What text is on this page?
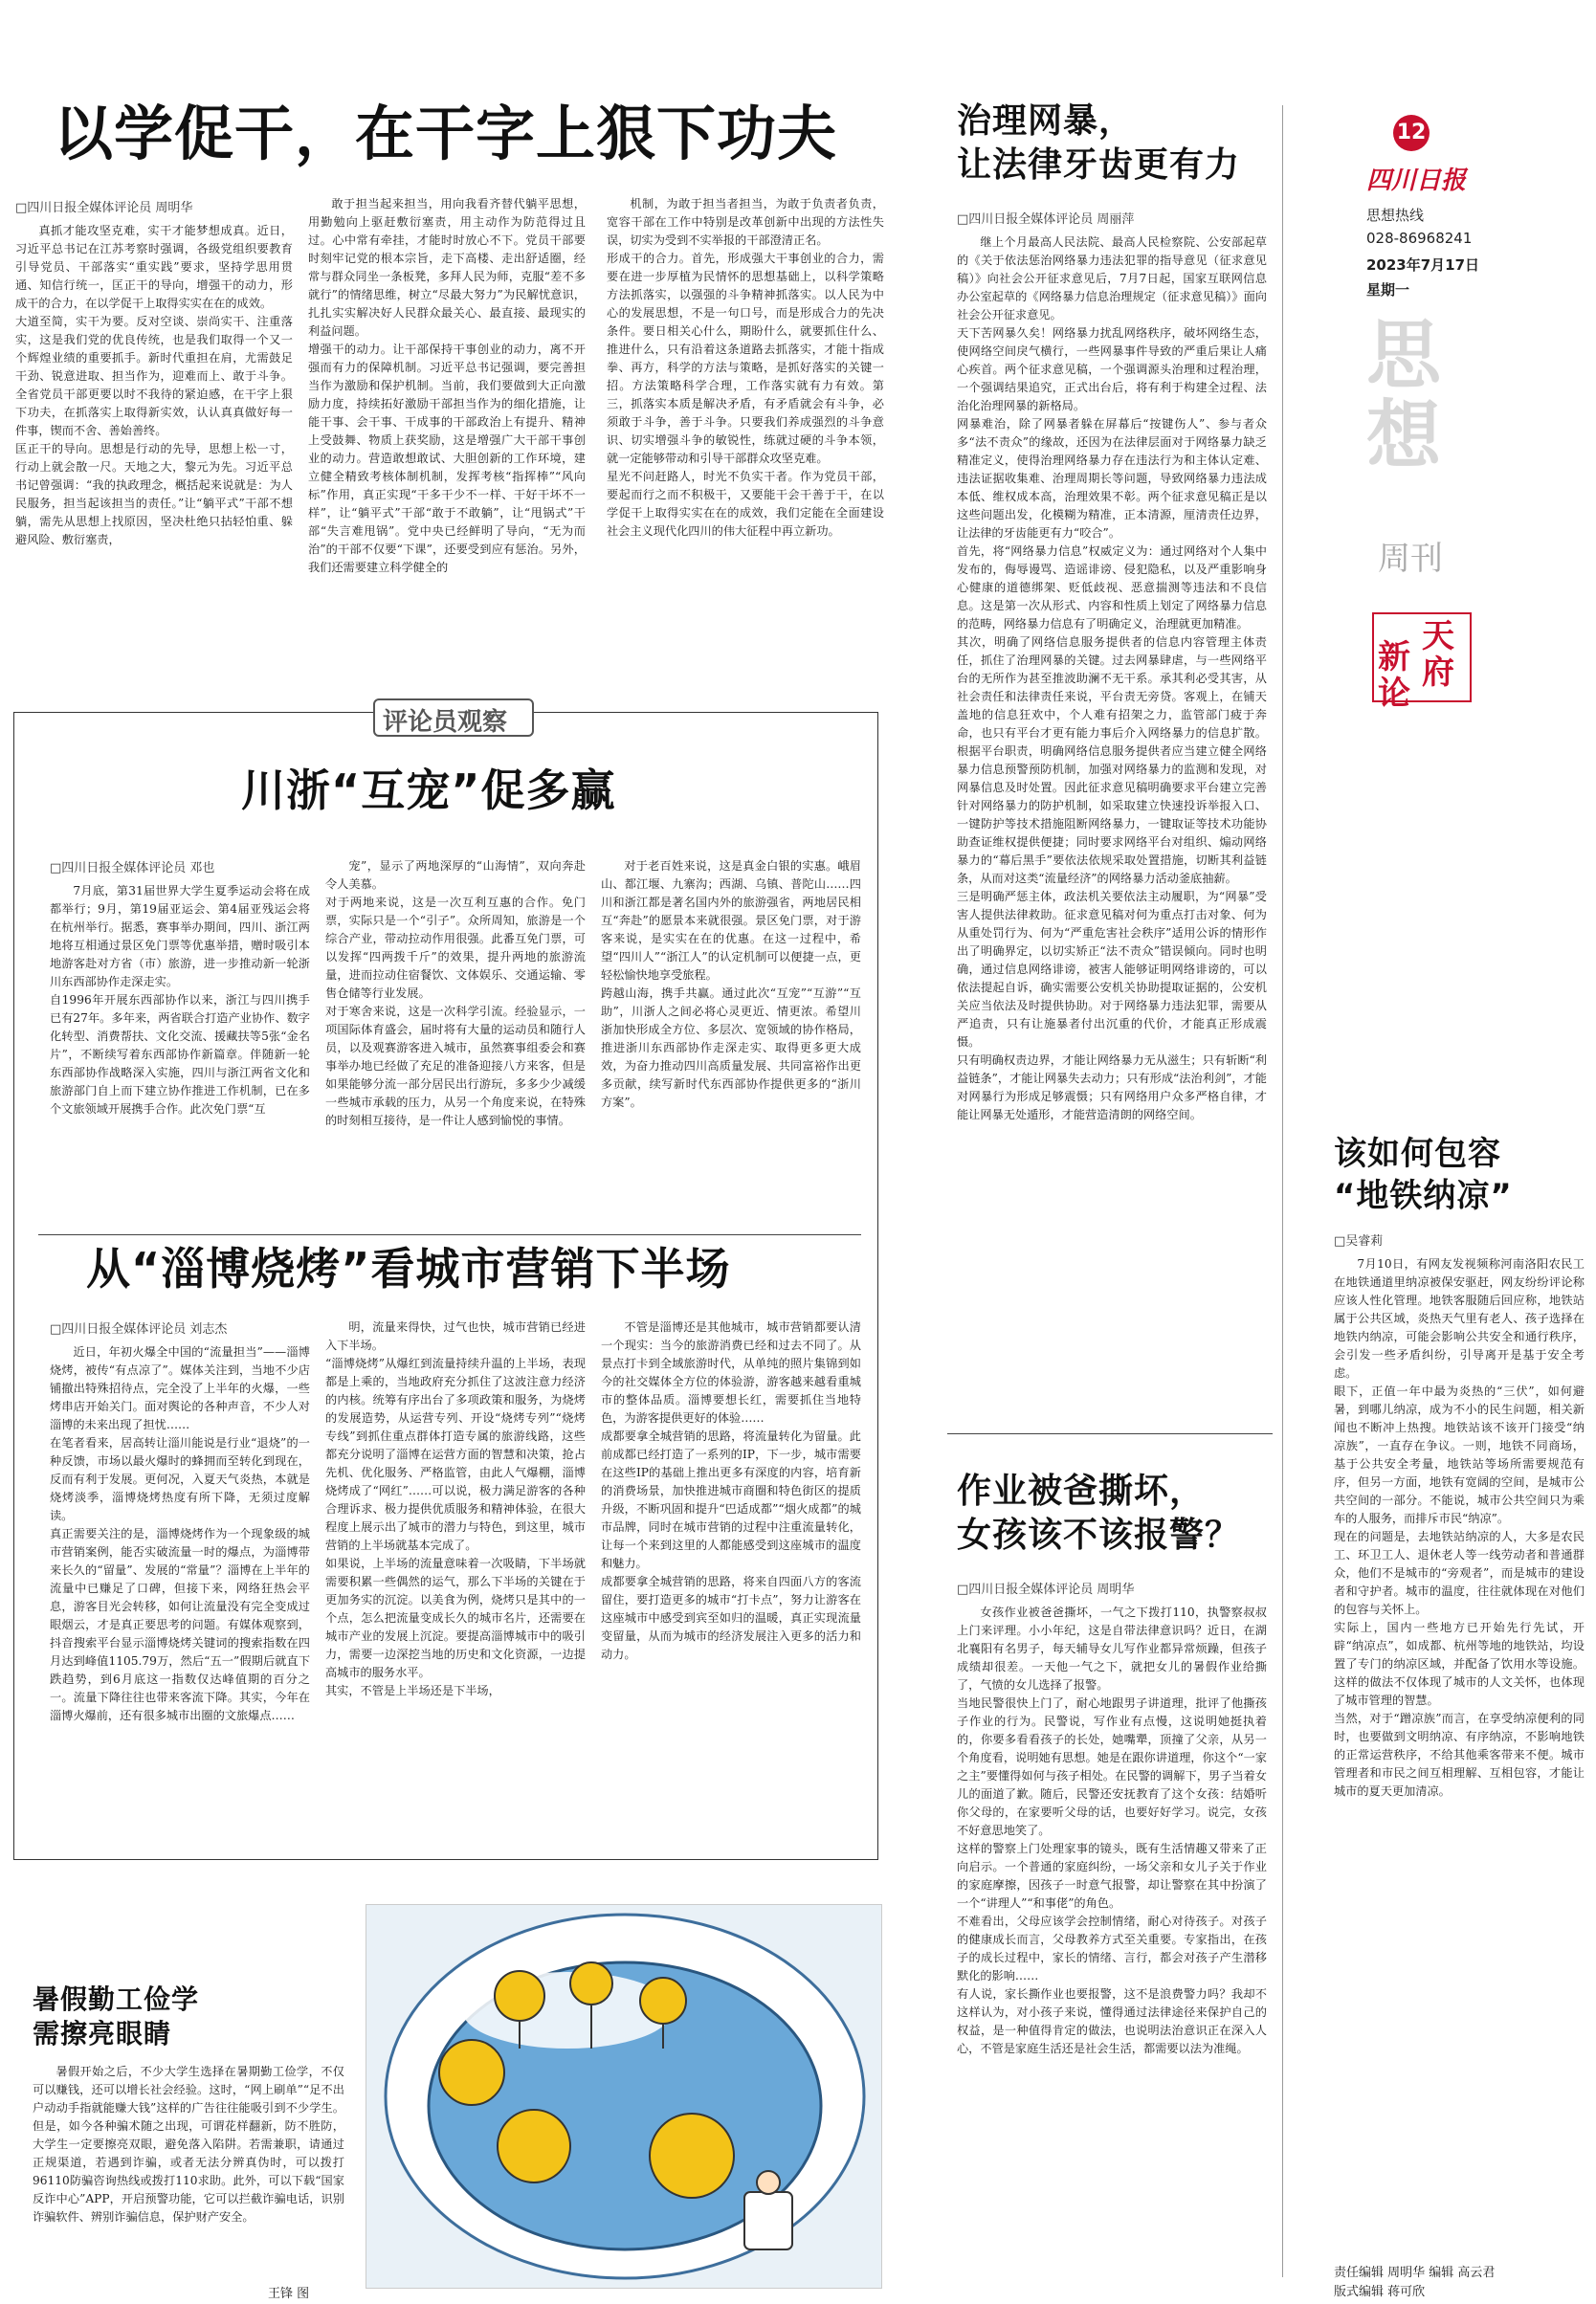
12
四川日报
思想热线
028-86968241
2023年7月17日
星期一
思想
周刊
新论
天府
以学促干，在干字上狠下功夫
□四川日报全媒体评论员 周明华

真抓才能攻坚克难，实干才能梦想成真。近日，习近平总书记在江苏考察时强调，各级党组织要教育引导党员、干部落实“重实践”要求，坚持学思用贯通、知信行统一，匡正干的导向，增强干的动力，形成干的合力，在以学促干上取得实实在在的成效。
大道至简，实干为要。反对空谈、崇尚实干、注重落实，这是我们党的优良传统，也是我们取得一个又一个辉煌业绩的重要抓手。新时代重担在肩，尤需鼓足干劲、锐意进取、担当作为，迎难而上、敢于斗争。全省党员干部更要以时不我待的紧迫感，在干字上狠下功夫，在抓落实上取得新实效，认认真真做好每一件事，锲而不舍、善始善终。
匡正干的导向。思想是行动的先导，思想上松一寸，行动上就会散一尺。天地之大，黎元为先。习近平总书记曾强调：“我的执政理念，概括起来说就是：为人民服务，担当起该担当的责任。”让“躺平式”干部不想躺，需先从思想上找原因，坚决杜绝只拈轻怕重、躲避风险、敷衍塞责，

敢于担当起来担当，用向我看齐替代躺平思想，用勤勉向上驱赶敷衍塞责，用主动作为防范得过且过。心中常有牵挂，才能时时放心不下。党员干部要时刻牢记党的根本宗旨，走下高楼、走出舒适圈，经常与群众同坐一条板凳，多拜人民为师，克服“差不多就行”的情绪思维，树立“尽最大努力”为民解忧意识，扎扎实实解决好人民群众最关心、最直接、最现实的利益问题。
增强干的动力。让干部保持干事创业的动力，离不开强而有力的保障机制。习近平总书记强调，要完善担当作为激励和保护机制。当前，我们要做到大正向激励力度，持续拓好激励干部担当作为的细化措施，让能干事、会干事、干成事的干部政治上有提升、精神上受鼓舞、物质上获奖励，这是增强广大干部干事创业的动力。营造敢想敢试、大胆创新的工作环境，建立健全精致考核体制机制，发挥考核“指挥棒”“风向标”作用，真正实现“干多干少不一样、干好干坏不一样”，让“躺平式”干部“敢于不敢躺”，让“甩锅式”干部“失言难甩锅”。党中央已经鲜明了导向，“无为而治”的干部不仅要“下课”，还要受到应有惩治。另外，我们还需要建立科学健全的

机制，为敢于担当者担当，为敢于负责者负责，宽容干部在工作中特别是改革创新中出现的方法性失误，切实为受到不实举报的干部澄清正名。
形成干的合力。首先，形成强大干事创业的合力，需要在进一步厚植为民情怀的思想基础上，以科学策略方法抓落实，以强强的斗争精神抓落实。以人民为中心的发展思想，不是一句口号，而是形成合力的先决条件。要日相关心什么，期盼什么，就要抓住什么、推进什么，只有沿着这条道路去抓落实，才能十指成拳、再方，科学的方法与策略，是抓好落实的关键一招。方法策略科学合理，工作落实就有力有效。第三，抓落实本质是解决矛盾，有矛盾就会有斗争，必须敢于斗争，善于斗争。只要我们养成强烈的斗争意识、切实增强斗争的敏锐性，练就过硬的斗争本领，就一定能够带动和引导干部群众攻坚克难。
星光不问赶路人，时光不负实干者。作为党员干部，要起而行之而不积极干，又要能干会干善于干，在以学促干上取得实实在在的成效，我们定能在全面建设社会主义现代化四川的伟大征程中再立新功。

治理网暴，
让法律牙齿更有力
□四川日报全媒体评论员 周丽萍

继上个月最高人民法院、最高人民检察院、公安部起草的《关于依法惩治网络暴力违法犯罪的指导意见（征求意见稿）》向社会公开征求意见后，7月7日起，国家互联网信息办公室起草的《网络暴力信息治理规定（征求意见稿）》面向社会公开征求意见。
天下苦网暴久矣！网络暴力扰乱网络秩序，破坏网络生态，使网络空间戾气横行，一些网暴事件导致的严重后果让人痛心疾首。两个征求意见稿，一个强调源头治理和过程治理，一个强调结果追究，正式出台后，将有利于构建全过程、法治化治理网暴的新格局。
网暴难治，除了网暴者躲在屏幕后“按键伤人”、参与者众多“法不责众”的缘故，还因为在法律层面对于网络暴力缺乏精准定义，使得治理网络暴力存在违法行为和主体认定难、违法证据收集难、治理周期长等问题，导致网络暴力违法成本低、维权成本高，治理效果不彰。两个征求意见稿正是以这些问题出发，化模糊为精准，正本清源，厘清责任边界，让法律的牙齿能更有力“咬合”。
首先，将“网络暴力信息”权威定义为：通过网络对个人集中发布的，侮辱谩骂、造谣诽谤、侵犯隐私，以及严重影响身心健康的道德绑架、贬低歧视、恶意揣测等违法和不良信息。这是第一次从形式、内容和性质上划定了网络暴力信息的范畴，网络暴力信息有了明确定义，治理就更加精准。
其次，明确了网络信息服务提供者的信息内容管理主体责任，抓住了治理网暴的关键。过去网暴肆虐，与一些网络平台的无所作为甚至推波助澜不无干系。承其利必受其害，从社会责任和法律责任来说，平台责无旁贷。客观上，在铺天盖地的信息狂欢中，个人难有招架之力，监管部门疲于奔命，也只有平台才更有能力事后介入网络暴力的信息扩散。根据平台职责，明确网络信息服务提供者应当建立健全网络暴力信息预警预防机制，加强对网络暴力的监测和发现，对网暴信息及时处置。因此征求意见稿明确要求平台建立完善针对网络暴力的防护机制，如采取建立快速投诉举报入口、一键防护等技术措施阻断网络暴力，一键取证等技术功能协助查证维权提供便捷；同时要求网络平台对组织、煽动网络暴力的“幕后黑手”要依法依规采取处置措施，切断其利益链条，从而对这类“流量经济”的网络暴力活动釜底抽薪。
三是明确严惩主体，政法机关要依法主动履职，为“网暴”受害人提供法律救助。征求意见稿对何为重点打击对象、何为从重处罚行为、何为“严重危害社会秩序”适用公诉的情形作出了明确界定，以切实矫正“法不责众”错误倾向。同时也明确，通过信息网络诽谤，被害人能够证明网络诽谤的，可以依法提起自诉，确实需要公安机关协助提取证据的，公安机关应当依法及时提供协助。对于网络暴力违法犯罪，需要从严追责，只有让施暴者付出沉重的代价，才能真正形成震慑。
只有明确权责边界，才能让网络暴力无从滋生；只有斩断“利益链条”，才能让网暴失去动力；只有形成“法治利剑”，才能对网暴行为形成足够震慑；只有网络用户众多严格自律，才能让网暴无处遁形，才能营造清朗的网络空间。

评论员观察
川浙“互宠”促多赢
□四川日报全媒体评论员 邓也

7月底，第31届世界大学生夏季运动会将在成都举行；9月，第19届亚运会、第4届亚残运会将在杭州举行。据悉，赛事举办期间，四川、浙江两地将互相通过景区免门票等优惠举措，赠时吸引本地游客赴对方省（市）旅游，进一步推动新一轮浙川东西部协作走深走实。
自1996年开展东西部协作以来，浙江与四川携手已有27年。多年来，两省联合打造产业协作、数字化转型、消费帮扶、文化交流、援藏扶等5张“金名片”，不断续写着东西部协作新篇章。伴随新一轮东西部协作战略深入实施，四川与浙江两省文化和旅游部门自上而下建立协作推进工作机制，已在多个文旅领域开展携手合作。此次免门票“互

宠”，显示了两地深厚的“山海情”，双向奔赴令人美慕。
对于两地来说，这是一次互利互惠的合作。免门票，实际只是一个“引子”。众所周知，旅游是一个综合产业，带动拉动作用很强。此番互免门票，可以发挥“四两拨千斤”的效果，提升两地的旅游流量，进而拉动住宿餐饮、文体娱乐、交通运输、零售仓储等行业发展。
对于寒舍来说，这是一次科学引流。经验显示，一项国际体育盛会，届时将有大量的运动员和随行人员，以及观赛游客进入城市，虽然赛事组委会和赛事举办地已经做了充足的准备迎接八方来客，但是如果能够分流一部分居民出行游玩，多多少少减缓一些城市承载的压力，从另一个角度来说，在特殊的时刻相互接待，是一件让人感到愉悦的事情。

对于老百姓来说，这是真金白银的实惠。峨眉山、都江堰、九寨沟；西湖、乌镇、普陀山……四川和浙江都是著名国内外的旅游强省，两地居民相互“奔赴”的愿景本来就很强。景区免门票，对于游客来说，是实实在在的优惠。在这一过程中，希望“四川人”“浙江人”的认定机制可以便捷一点，更轻松愉快地享受旅程。
跨越山海，携手共赢。通过此次“互宠”“互游”“互助”，川浙人之间必将心灵更近、情更浓。希望川浙加快形成全方位、多层次、宽领域的协作格局，推进浙川东西部协作走深走实、取得更多更大成效，为奋力推动四川高质量发展、共同富裕作出更多贡献，续写新时代东西部协作提供更多的“浙川方案”。

从“淄博烧烤”看城市营销下半场
□四川日报全媒体评论员 刘志杰

近日，年初火爆全中国的“流量担当”——淄博烧烤，被传“有点凉了”。媒体关注到，当地不少店铺撤出特殊招待点，完全没了上半年的火爆，一些烤串店开始关门。面对舆论的各种声音，不少人对淄博的未来出现了担忧……
在笔者看来，居高转让淄川能说是行业“退烧”的一种反馈，市场以最火爆时的蜂拥而至转化到现在，反而有利于发展。更何况，入夏天气炎热，本就是烧烤淡季，淄博烧烤热度有所下降，无须过度解读。
真正需要关注的是，淄博烧烤作为一个现象级的城市营销案例，能否实破流量一时的爆点，为淄博带来长久的“留量”、发展的“常量”？淄博在上半年的流量中已赚足了口碑，但接下来，网络狂热会平息，游客目光会转移，如何让流量没有完全变成过眼烟云，才是真正要思考的问题。有媒体观察到，抖音搜索平台显示淄博烧烤关键词的搜索指数在四月达到峰值1105.79万，然后“五一”假期后就直下跌趋势，到6月底这一指数仅达峰值期的百分之一。流量下降往往也带来客流下降。其实，今年在淄博火爆前，还有很多城市出圈的文旅爆点……

明，流量来得快，过气也快，城市营销已经进入下半场。
“淄博烧烤”从爆红到流量持续升温的上半场，表现都是上乘的，当地政府充分抓住了这波注意力经济的内核。统筹有序出台了多项政策和服务，为烧烤的发展造势，从运营专列、开设“烧烤专列”“烧烤专线”到抓住重点群体打造专属的旅游线路，这些都充分说明了淄博在运营方面的智慧和决策，抢占先机、优化服务、严格监管，由此人气爆棚，淄博烧烤成了“网红”……可以说，极力满足游客的各种合理诉求、极力提供优质服务和精神体验，在很大程度上展示出了城市的潜力与特色，到这里，城市营销的上半场就基本完成了。
如果说，上半场的流量意味着一次吸睛，下半场就需要积累一些偶然的运气，那么下半场的关键在于更加务实的沉淀。以美食为例，烧烤只是其中的一个点，怎么把流量变成长久的城市名片，还需要在城市产业的发展上沉淀。要提高淄博城市中的吸引力，需要一边深挖当地的历史和文化资源，一边提高城市的服务水平。
其实，不管是上半场还是下半场，

不管是淄博还是其他城市，城市营销都要认清一个现实：当今的旅游消费已经和过去不同了。从景点打卡到全域旅游时代，从单纯的照片集锦到如今的社交媒体全方位的体验游，游客越来越看重城市的整体品质。淄博要想长红，需要抓住当地特色，为游客提供更好的体验……
成都要拿全城营销的思路，将流量转化为留量。此前成都已经打造了一系列的IP，下一步，城市需要在这些IP的基础上推出更多有深度的内容，培育新的消费场景，加快推进城市商圈和特色街区的提质升级，不断巩固和提升“巴适成都”“烟火成都”的城市品牌，同时在城市营销的过程中注重流量转化，让每一个来到这里的人都能感受到这座城市的温度和魅力。
成都要拿全城营销的思路，将来自四面八方的客流留住，要打造更多的城市“打卡点”，努力让游客在这座城市中感受到宾至如归的温暖，真正实现流量变留量，从而为城市的经济发展注入更多的活力和动力。

暑假勤工俭学
需擦亮眼睛

暑假开始之后，不少大学生选择在暑期勤工俭学，不仅可以赚钱，还可以增长社会经验。这时，“网上刷单”“足不出户动动手指就能赚大钱”这样的广告往往能吸引到不少学生。但是，如今各种骗术随之出现，可谓花样翻新，防不胜防，大学生一定要擦亮双眼，避免落入陷阱。若需兼职，请通过正规渠道，若遇到诈骗，或者无法分辨真伪时，可以拨打96110防骗咨询热线或拨打110求助。此外，可以下载“国家反诈中心”APP，开启预警功能，它可以拦截诈骗电话，识别诈骗软件、辨别诈骗信息，保护财产安全。

王锋 图
作业被爸撕坏，
女孩该不该报警？
□四川日报全媒体评论员 周明华

女孩作业被爸爸撕坏，一气之下拨打110，执警察叔叔上门来评理。小小年纪，这是自带法律意识吗？近日，在湖北襄阳有名男子，每天辅导女儿写作业都异常烦躁，但孩子成绩却很差。一天他一气之下，就把女儿的暑假作业给撕了，气愤的女儿选择了报警。
当地民警很快上门了，耐心地跟男子讲道理，批评了他撕孩子作业的行为。民警说，写作业有点慢，这说明她挺执着的，你要多看看孩子的长处，她嘴犟，顶撞了父亲，从另一个角度看，说明她有思想。她是在跟你讲道理，你这个“一家之主”要懂得如何与孩子相处。在民警的调解下，男子当着女儿的面道了歉。随后，民警还安抚教育了这个女孩：结婚听你父母的，在家要听父母的话，也要好好学习。说完，女孩不好意思地笑了。
这样的警察上门处理家事的镜头，既有生活情趣又带来了正向启示。一个普通的家庭纠纷，一场父亲和女儿子关于作业的家庭摩擦，因孩子一时意气报警，却让警察在其中扮演了一个“讲理人”“和事佬”的角色。
不难看出，父母应该学会控制情绪，耐心对待孩子。对孩子的健康成长而言，父母教养方式至关重要。专家指出，在孩子的成长过程中，家长的情绪、言行，都会对孩子产生潜移默化的影响……
有人说，家长撕作业也要报警，这不是浪费警力吗？我却不这样认为，对小孩子来说，懂得通过法律途径来保护自己的权益，是一种值得肯定的做法，也说明法治意识正在深入人心，不管是家庭生活还是社会生活，都需要以法为准绳。

该如何包容
“地铁纳凉”
□吴睿莉

7月10日，有网友发视频称河南洛阳农民工在地铁通道里纳凉被保安驱赶，网友纷纷评论称应该人性化管理。地铁客服随后回应称，地铁站属于公共区域，炎热天气里有老人、孩子选择在地铁内纳凉，可能会影响公共安全和通行秩序，会引发一些矛盾纠纷，引导离开是基于安全考虑。
眼下，正值一年中最为炎热的“三伏”，如何避暑，到哪儿纳凉，成为不小的民生问题，相关新闻也不断冲上热搜。地铁站该不该开门接受“纳凉族”，一直存在争议。一则，地铁不同商场，基于公共安全考量，地铁站等场所需要规范有序，但另一方面，地铁有宽阔的空间，是城市公共空间的一部分。不能说，城市公共空间只为乘车的人服务，而排斥市民“纳凉”。
现在的问题是，去地铁站纳凉的人，大多是农民工、环卫工人、退休老人等一线劳动者和普通群众，他们不是城市的“旁观者”，而是城市的建设者和守护者。城市的温度，往往就体现在对他们的包容与关怀上。
实际上，国内一些地方已开始先行先试，开辟“纳凉点”，如成都、杭州等地的地铁站，均设置了专门的纳凉区域，并配备了饮用水等设施。这样的做法不仅体现了城市的人文关怀，也体现了城市管理的智慧。
当然，对于“蹭凉族”而言，在享受纳凉便利的同时，也要做到文明纳凉、有序纳凉，不影响地铁的正常运营秩序，不给其他乘客带来不便。城市管理者和市民之间互相理解、互相包容，才能让城市的夏天更加清凉。

责任编辑 周明华 编辑 高云君
版式编辑 蒋可欣
